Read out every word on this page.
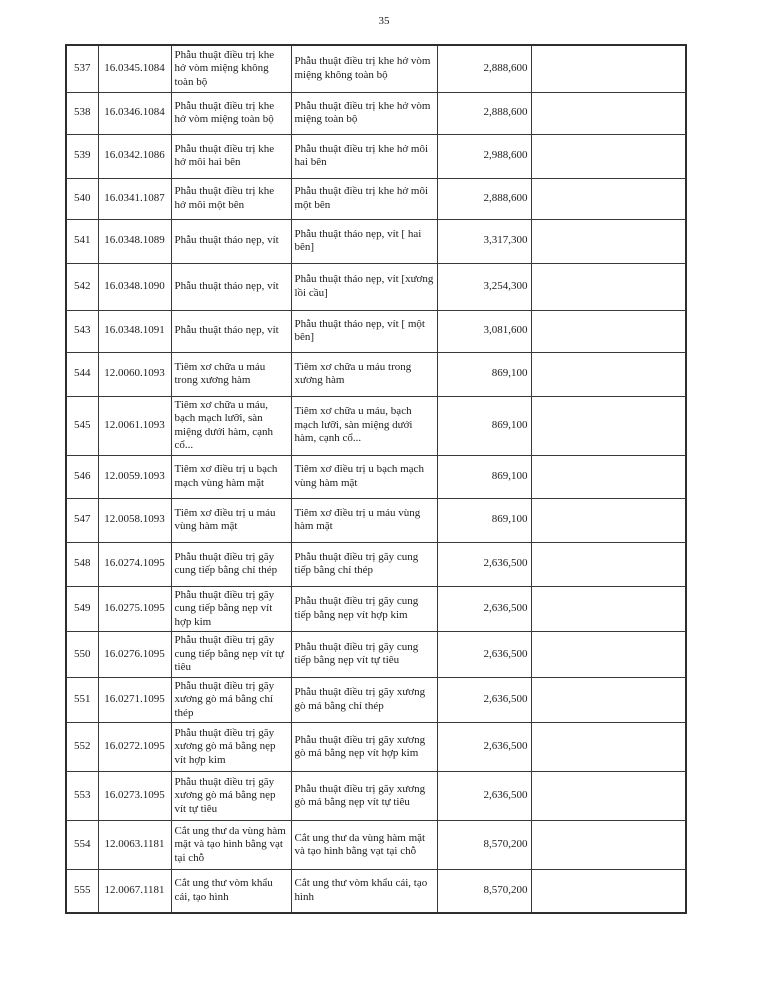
35
537	16.0345.1084	Phẫu thuật điều trị khe hở vòm miệng không toàn bộ	Phẫu thuật điều trị khe hở vòm miệng không toàn bộ	2,888,600	
538	16.0346.1084	Phẫu thuật điều trị khe hở vòm miệng toàn bộ	Phẫu thuật điều trị khe hở vòm miệng toàn bộ	2,888,600	
539	16.0342.1086	Phẫu thuật điều trị khe hở môi hai bên	Phẫu thuật điều trị khe hở môi hai bên	2,988,600	
540	16.0341.1087	Phẫu thuật điều trị khe hở môi một bên	Phẫu thuật điều trị khe hở môi một bên	2,888,600	
541	16.0348.1089	Phẫu thuật tháo nẹp, vít	Phẫu thuật tháo nẹp, vít [ hai bên]	3,317,300	
542	16.0348.1090	Phẫu thuật tháo nẹp, vít	Phẫu thuật tháo nẹp, vít [xương lồi cầu]	3,254,300	
543	16.0348.1091	Phẫu thuật tháo nẹp, vít	Phẫu thuật tháo nẹp, vít [ một bên]	3,081,600	
544	12.0060.1093	Tiêm xơ chữa u máu trong xương hàm	Tiêm xơ chữa u máu trong xương hàm	869,100	
545	12.0061.1093	Tiêm xơ chữa u máu, bạch mạch lưỡi, sàn miệng dưới hàm, cạnh cổ...	Tiêm xơ chữa u máu, bạch mạch lưỡi, sàn miệng dưới hàm, cạnh cổ...	869,100	
546	12.0059.1093	Tiêm xơ điều trị u bạch mạch vùng hàm mặt	Tiêm xơ điều trị u bạch mạch vùng hàm mặt	869,100	
547	12.0058.1093	Tiêm xơ điều trị u máu vùng hàm mặt	Tiêm xơ điều trị u máu vùng hàm mặt	869,100	
548	16.0274.1095	Phẫu thuật điều trị gãy cung tiếp bằng chỉ thép	Phẫu thuật điều trị gãy cung tiếp bằng chỉ thép	2,636,500	
549	16.0275.1095	Phẫu thuật điều trị gãy cung tiếp bằng nẹp vít hợp kim	Phẫu thuật điều trị gãy cung tiếp bằng nẹp vít hợp kim	2,636,500	
550	16.0276.1095	Phẫu thuật điều trị gãy cung tiếp bằng nẹp vít tự tiêu	Phẫu thuật điều trị gãy cung tiếp bằng nẹp vít tự tiêu	2,636,500	
551	16.0271.1095	Phẫu thuật điều trị gãy xương gò má bằng chỉ thép	Phẫu thuật điều trị gãy xương gò má bằng chỉ thép	2,636,500	
552	16.0272.1095	Phẫu thuật điều trị gãy xương gò má bằng nẹp vít hợp kim	Phẫu thuật điều trị gãy xương gò má bằng nẹp vít hợp kim	2,636,500	
553	16.0273.1095	Phẫu thuật điều trị gãy xương gò má bằng nẹp vít tự tiêu	Phẫu thuật điều trị gãy xương gò má bằng nẹp vít tự tiêu	2,636,500	
554	12.0063.1181	Cắt ung thư da vùng hàm mặt và tạo hình bằng vạt tại chỗ	Cắt ung thư da vùng hàm mặt và tạo hình bằng vạt tại chỗ	8,570,200	
555	12.0067.1181	Cắt ung thư vòm khẩu cái, tạo hình	Cắt ung thư vòm khẩu cái, tạo hình	8,570,200	
